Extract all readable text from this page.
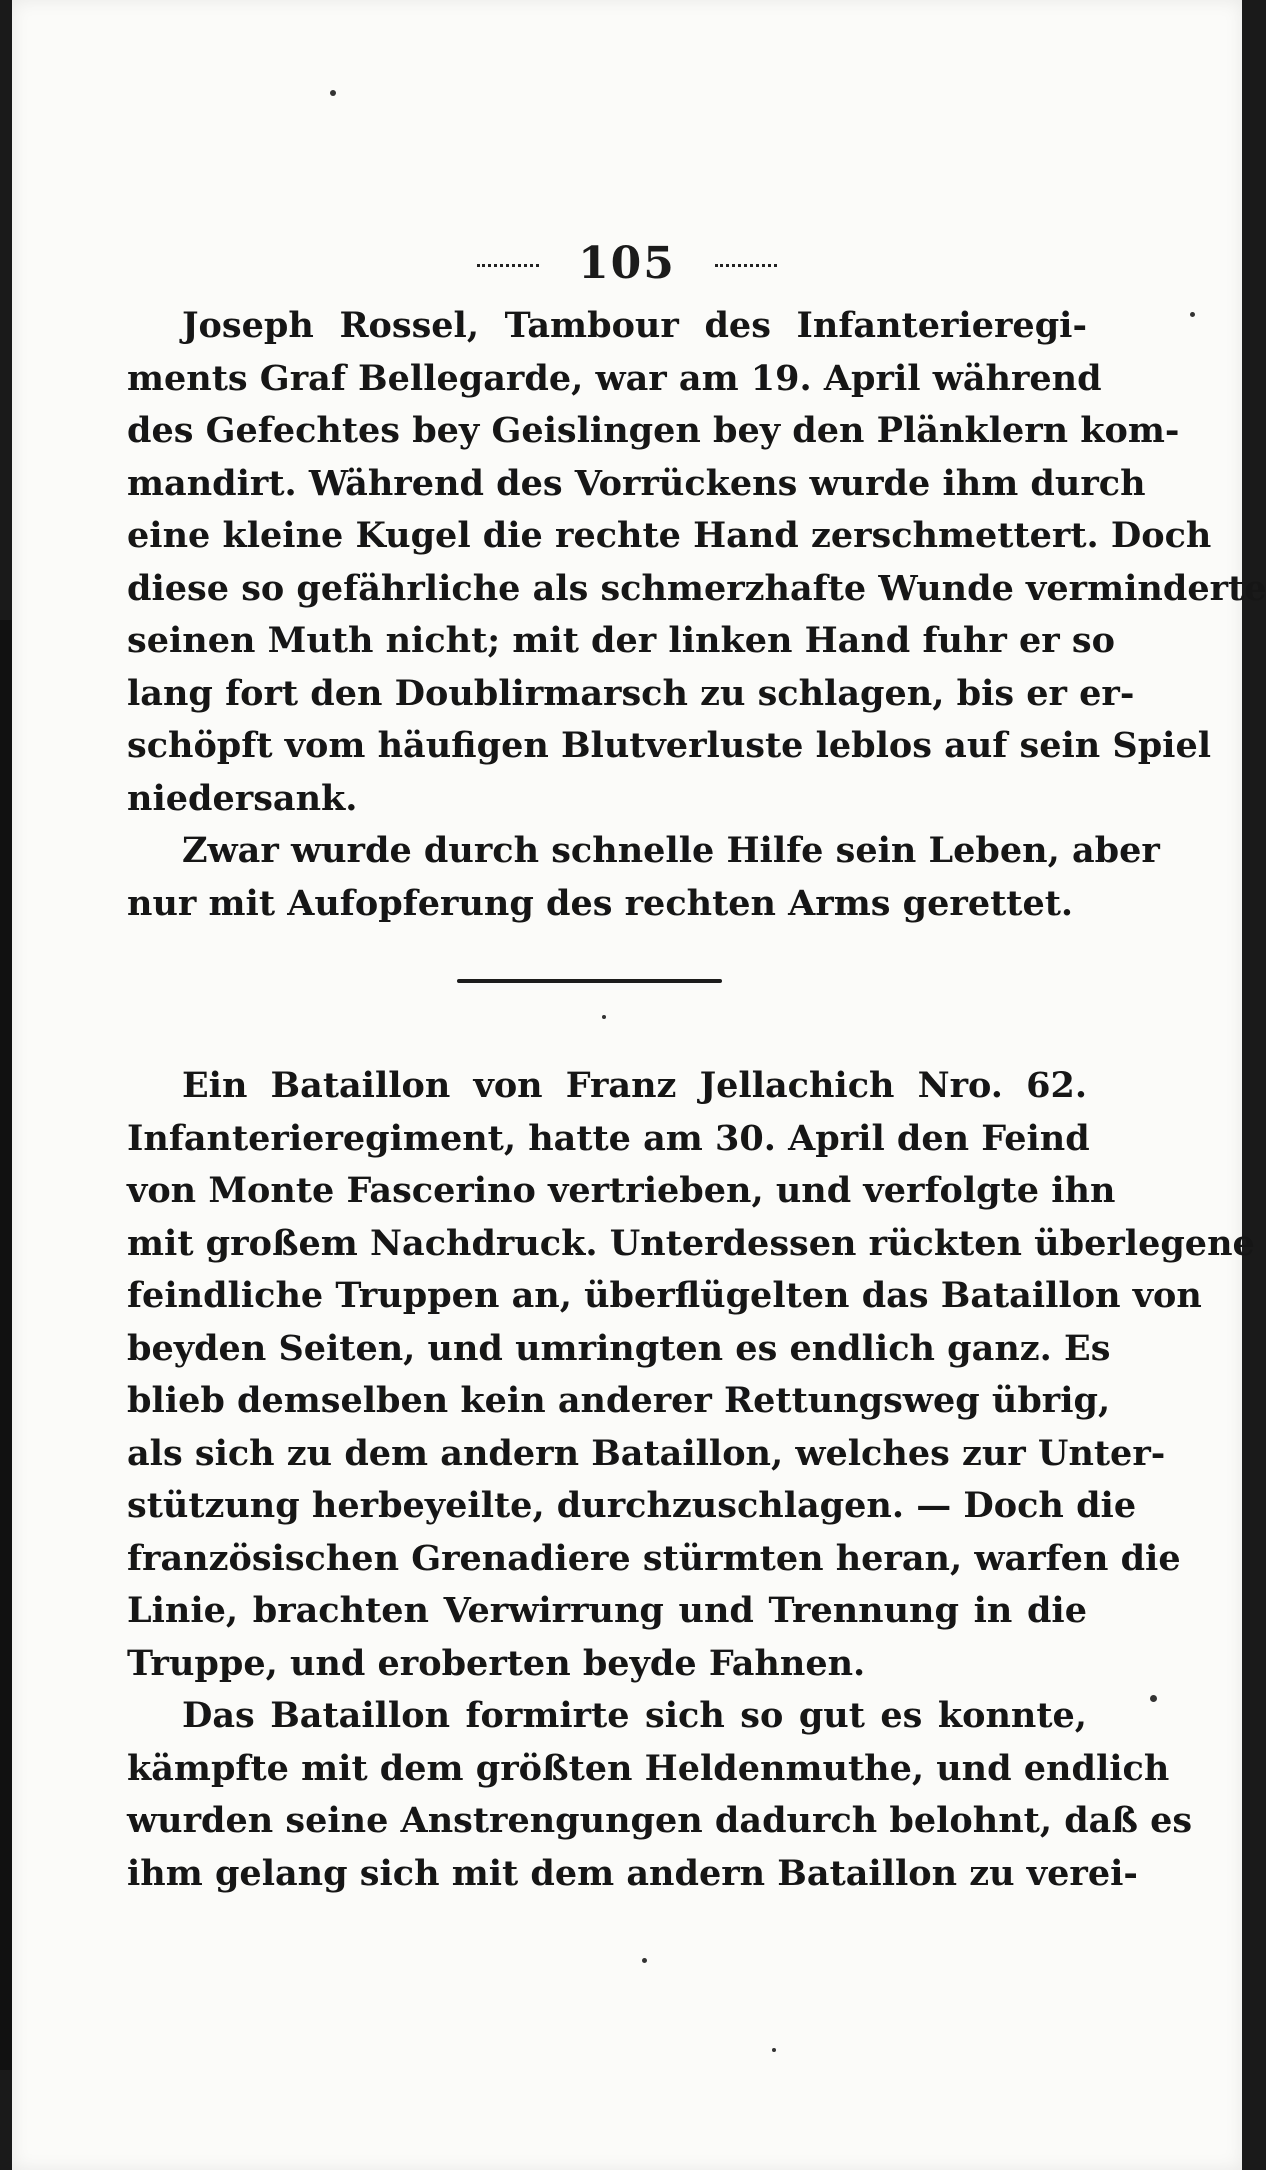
105
Joseph Rossel, Tambour des Infanterieregi-
ments Graf Bellegarde, war am 19. April während
des Gefechtes bey Geislingen bey den Plänklern kom-
mandirt. Während des Vorrückens wurde ihm durch
eine kleine Kugel die rechte Hand zerschmettert. Doch
diese so gefährliche als schmerzhafte Wunde verminderte
seinen Muth nicht; mit der linken Hand fuhr er so
lang fort den Doublirmarsch zu schlagen, bis er er-
schöpft vom häufigen Blutverluste leblos auf sein Spiel
niedersank.
Zwar wurde durch schnelle Hilfe sein Leben, aber
nur mit Aufopferung des rechten Arms gerettet.
Ein Bataillon von Franz Jellachich Nro. 62.
Infanterieregiment, hatte am 30. April den Feind
von Monte Fascerino vertrieben, und verfolgte ihn
mit großem Nachdruck. Unterdessen rückten überlegene
feindliche Truppen an, überflügelten das Bataillon von
beyden Seiten, und umringten es endlich ganz. Es
blieb demselben kein anderer Rettungsweg übrig,
als sich zu dem andern Bataillon, welches zur Unter-
stützung herbeyeilte, durchzuschlagen. — Doch die
französischen Grenadiere stürmten heran, warfen die
Linie, brachten Verwirrung und Trennung in die
Truppe, und eroberten beyde Fahnen.
Das Bataillon formirte sich so gut es konnte,
kämpfte mit dem größten Heldenmuthe, und endlich
wurden seine Anstrengungen dadurch belohnt, daß es
ihm gelang sich mit dem andern Bataillon zu verei-
